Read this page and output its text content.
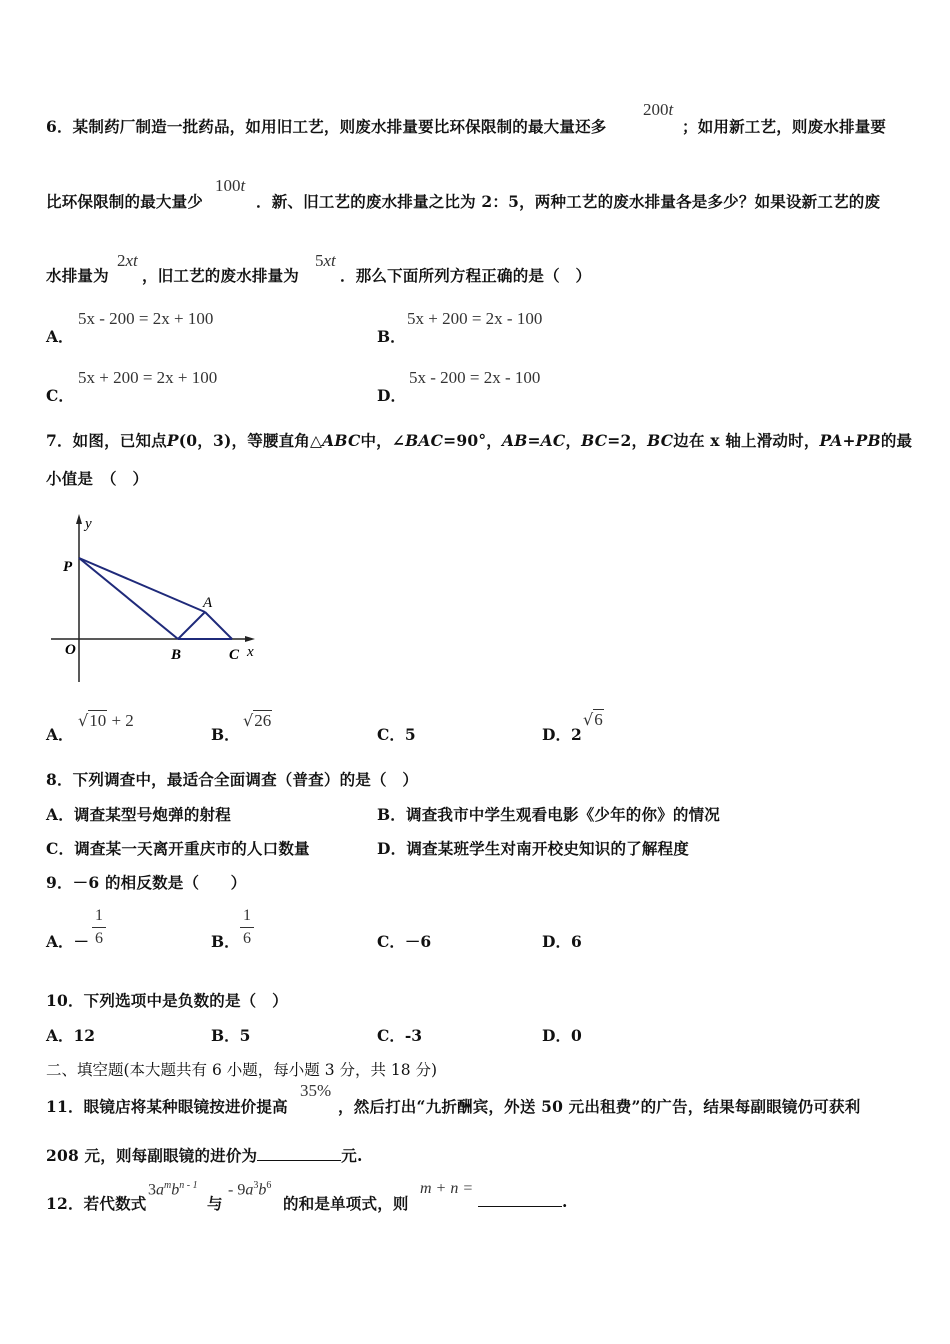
6．某制药厂制造一批药品，如用旧工艺，则废水排量要比环保限制的最大量还多
200t
；如用新工艺，则废水排量要
比环保限制的最大量少
100t
．新、旧工艺的废水排量之比为 2：5，两种工艺的废水排量各是多少？如果设新工艺的废
水排量为
2xt
，旧工艺的废水排量为
5xt
．那么下面所列方程正确的是（　）
A．
5x - 200 = 2x + 100
B．
5x + 200 = 2x - 100
C．
5x + 200 = 2x + 100
D．
5x - 200 = 2x - 100
7．如图，已知点P(0，3)，等腰直角△ABC中，∠BAC=90°，AB=AC，BC=2，BC边在 x 轴上滑动时，PA+PB的最
小值是　（　）
y
P
A
O	B	C x
A．
√10 + 2
B．
√26
C．5	D．2
√6
8．下列调查中，最适合全面调查（普查）的是（　）
A．调查某型号炮弹的射程	B．调查我市中学生观看电影《少年的你》的情况
C．调查某一天离开重庆市的人口数量	D．调查某班学生对南开校史知识的了解程度
9．－6 的相反数是（　　）
A．－
1
6	B．
1
6	C．－6	D．6
10．下列选项中是负数的是（　）
A．12	B．5	C．-3	D．0
二、填空题(本大题共有 6 小题，每小题 3 分，共 18 分)
11．眼镜店将某种眼镜按进价提高
35%
，然后打出“九折酬宾，外送 50 元出租费”的广告，结果每副眼镜仍可获利
208 元，则每副眼镜的进价为	元.
12．若代数式
$3a^mb^{n - 1}$
与
- $9a^3b^6$
的和是单项式，则
m + n =
.
